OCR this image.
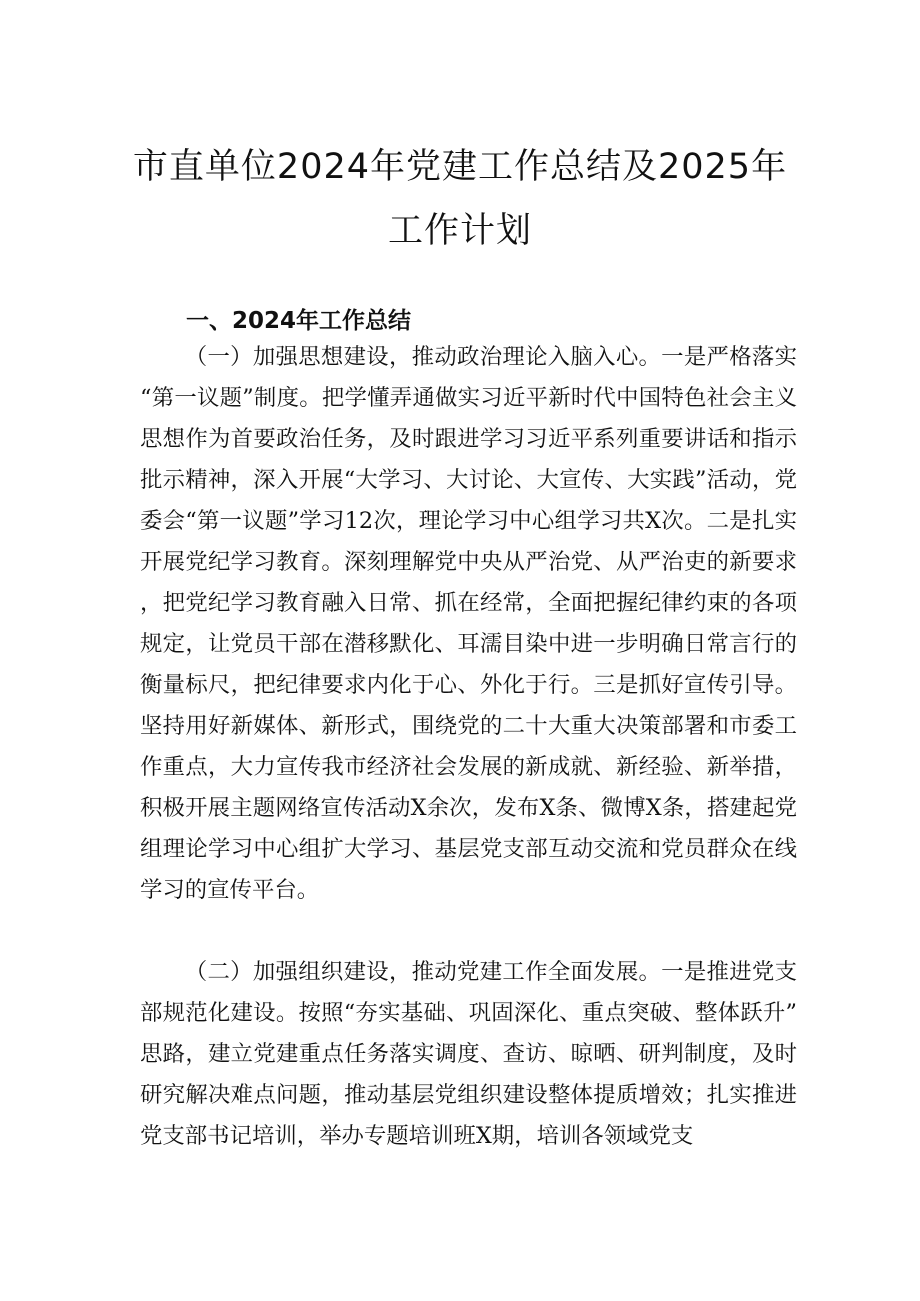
市直单位2024年党建工作总结及2025年
工作计划
一、2024年工作总结

（一）加强思想建设，推动政治理论入脑入心。一是严格落实“第一议题”制度。把学懂弄通做实习近平新时代中国特色社会主义思想作为首要政治任务，及时跟进学习习近平系列重要讲话和指示批示精神，深入开展“大学习、大讨论、大宣传、大实践”活动，党委会“第一议题”学习12次，理论学习中心组学习共X次。二是扎实开展党纪学习教育。深刻理解党中央从严治党、从严治吏的新要求，把党纪学习教育融入日常、抓在经常，全面把握纪律约束的各项规定，让党员干部在潜移默化、耳濡目染中进一步明确日常言行的衡量标尺，把纪律要求内化于心、外化于行。三是抓好宣传引导。坚持用好新媒体、新形式，围绕党的二十大重大决策部署和市委工作重点，大力宣传我市经济社会发展的新成就、新经验、新举措，积极开展主题网络宣传活动X余次，发布X条、微博X条，搭建起党组理论学习中心组扩大学习、基层党支部互动交流和党员群众在线学习的宣传平台。

（二）加强组织建设，推动党建工作全面发展。一是推进党支部规范化建设。按照“夯实基础、巩固深化、重点突破、整体跃升”思路，建立党建重点任务落实调度、查访、晾晒、研判制度，及时研究解决难点问题，推动基层党组织建设整体提质增效；扎实推进党支部书记培训，举办专题培训班X期，培训各领域党支
